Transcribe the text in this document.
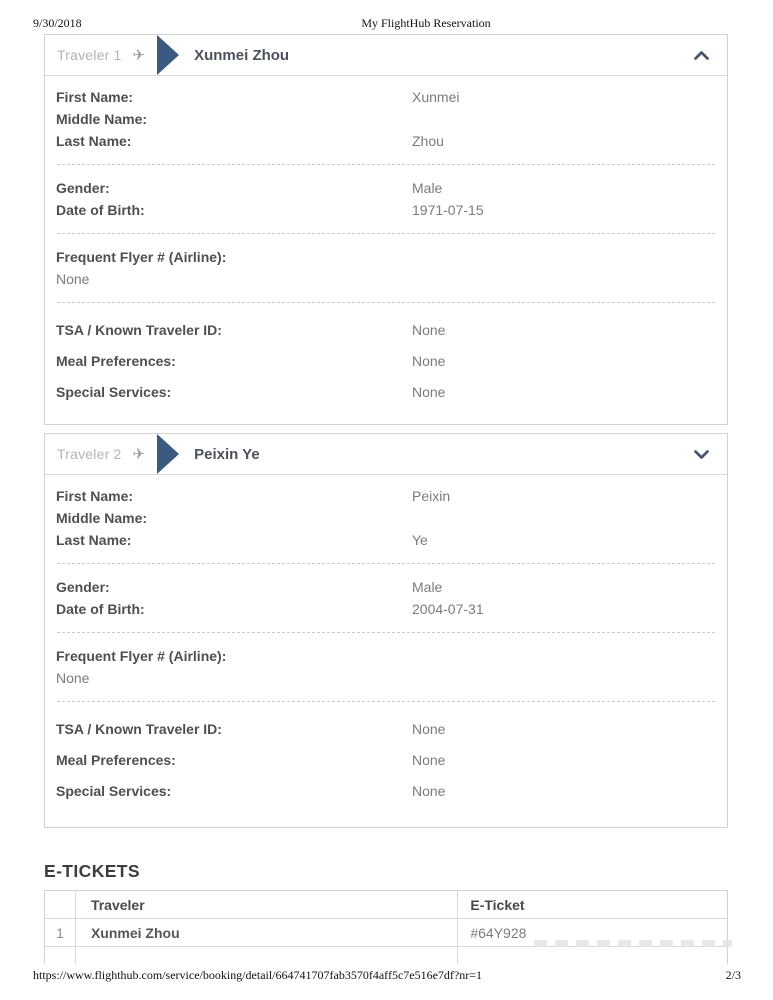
9/30/2018	My FlightHub Reservation
Traveler 1 ✈	Xunmei Zhou
First Name:	Xunmei
Middle Name:
Last Name:	Zhou
Gender:	Male
Date of Birth:	1971-07-15
Frequent Flyer # (Airline):
None
TSA / Known Traveler ID:	None
Meal Preferences:	None
Special Services:	None
Traveler 2 ✈	Peixin Ye
First Name:	Peixin
Middle Name:
Last Name:	Ye
Gender:	Male
Date of Birth:	2004-07-31
Frequent Flyer # (Airline):
None
TSA / Known Traveler ID:	None
Meal Preferences:	None
Special Services:	None
E-TICKETS
	Traveler	E-Ticket
1	Xunmei Zhou	#64Y928

https://www.flighthub.com/service/booking/detail/664741707fab3570f4aff5c7e516e7df?nr=1	2/3
